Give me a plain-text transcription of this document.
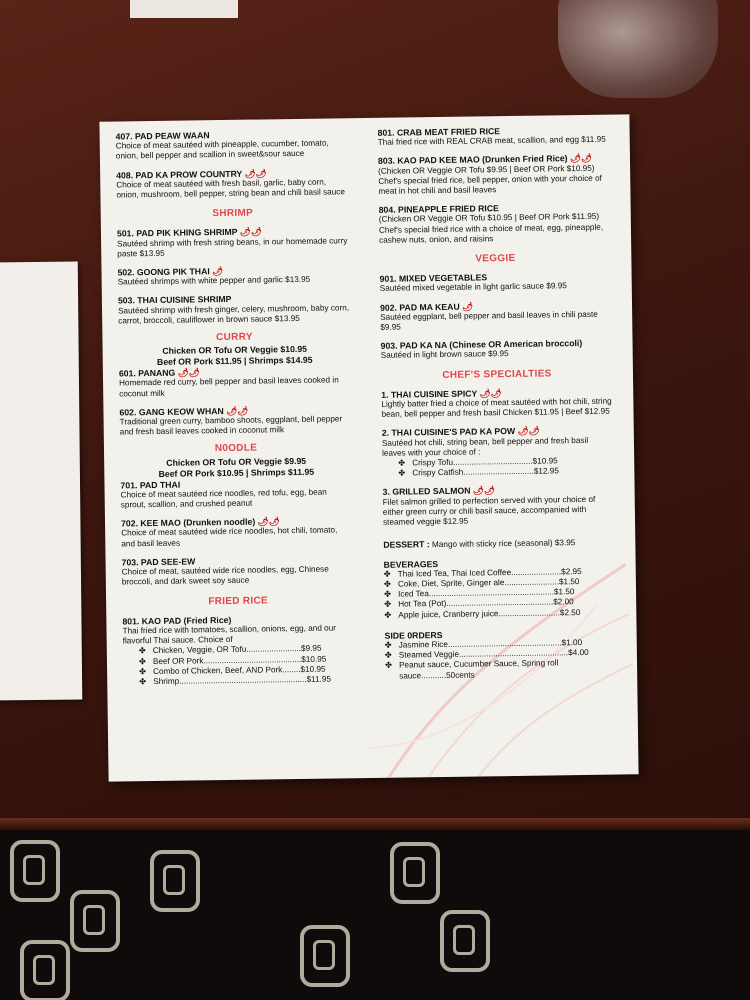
407. PAD PEAW WAAN
Choice of meat sautéed with pineapple, cucumber, tomato, onion, bell pepper and scallion in sweet&sour sauce
408. PAD KA PROW COUNTRY 🌶🌶
Choice of meat sautéed with fresh basil, garlic, baby corn, onion, mushroom, bell pepper, string bean and chili basil sauce
SHRIMP
501. PAD PIK KHING SHRIMP 🌶🌶
Sautéed shrimp with fresh string beans, in our homemade curry paste $13.95
502. GOONG PIK THAI 🌶
Sautéed shrimps with white pepper and garlic $13.95
503. THAI CUISINE SHRIMP
Sautéed shrimp with fresh ginger, celery, mushroom, baby corn, carrot, broccoli, cauliflower in brown sauce $13.95
CURRY
Chicken OR Tofu OR Veggie $10.95
Beef OR Pork $11.95 | Shrimps $14.95
601. PANANG 🌶🌶
Homemade red curry, bell pepper and basil leaves cooked in coconut milk
602. GANG KEOW WHAN 🌶🌶
Traditional green curry, bamboo shoots, eggplant, bell pepper and fresh basil leaves cooked in coconut milk
N0ODLE
Chicken OR Tofu OR Veggie $9.95
Beef OR Pork $10.95 | Shrimps $11.95
701. PAD THAI
Choice of meat sautéed rice noodles, red tofu, egg, bean sprout, scallion, and crushed peanut
702. KEE MAO (Drunken noodle) 🌶🌶
Choice of meat sautéed wide rice noodles, hot chili, tomato, and basil leaves
703. PAD SEE-EW
Choice of meat, sautéed wide rice noodles, egg, Chinese broccoli, and dark sweet soy sauce
FRIED RICE
801. KAO PAD (Fried Rice)
Thai fried rice with tomatoes, scallion, onions, egg, and our flavorful Thai sauce. Choice of
✤ Chicken, Veggie, OR Tofu........................$9.95
✤ Beef OR Pork...........................................$10.95
✤ Combo of Chicken, Beef, AND Pork........$10.95
✤ Shrimp........................................................$11.95
801. CRAB MEAT FRIED RICE
Thai fried rice with REAL CRAB meat, scallion, and egg $11.95
803. KAO PAD KEE MAO (Drunken Fried Rice) 🌶🌶
(Chicken OR Veggie OR Tofu $9.95 | Beef OR Pork $10.95) Chef's special fried rice, bell pepper, onion with your choice of meat in hot chili and basil leaves
804. PINEAPPLE FRIED RICE
(Chicken OR Veggie OR Tofu $10.95 | Beef OR Pork $11.95) Chef's special fried rice with a choice of meat, egg, pineapple, cashew nuts, onion, and raisins
VEGGIE
901. MIXED VEGETABLES
Sautéed mixed vegetable in light garlic sauce $9.95
902. PAD MA KEAU 🌶
Sautéed eggplant, bell pepper and basil leaves in chili paste $9.95
903. PAD KA NA (Chinese OR American broccoli)
Sautéed in light brown sauce $9.95
CHEF'S SPECIALTIES
1. THAI CUISINE SPICY 🌶🌶
Lightly batter fried a choice of meat sautéed with hot chili, string bean, bell pepper and fresh basil Chicken $11.95 | Beef $12.95
2. THAI CUISINE'S PAD KA POW 🌶🌶
Sautéed hot chili, string bean, bell pepper and fresh basil leaves with your choice of :
✤ Crispy Tofu...................................$10.95
✤ Crispy Catfish...............................$12.95
3. GRILLED SALMON 🌶🌶
Filet salmon grilled to perfection served with your choice of either green curry or chili basil sauce, accompanied with steamed veggie $12.95
DESSERT : Mango with sticky rice (seasonal) $3.95
BEVERAGES
✤ Thai Iced Tea, Thai Iced Coffee......................$2.95
✤ Coke, Diet, Sprite, Ginger ale........................$1.50
✤ Iced Tea.......................................................$1.50
✤ Hot Tea (Pot)...............................................$2.00
✤ Apple juice, Cranberry juice...........................$2.50
SIDE 0RDERS
✤ Jasmine Rice..................................................$1.00
✤ Steamed Veggie................................................$4.00
✤ Peanut sauce, Cucumber Sauce, Spring roll sauce...........50cents
